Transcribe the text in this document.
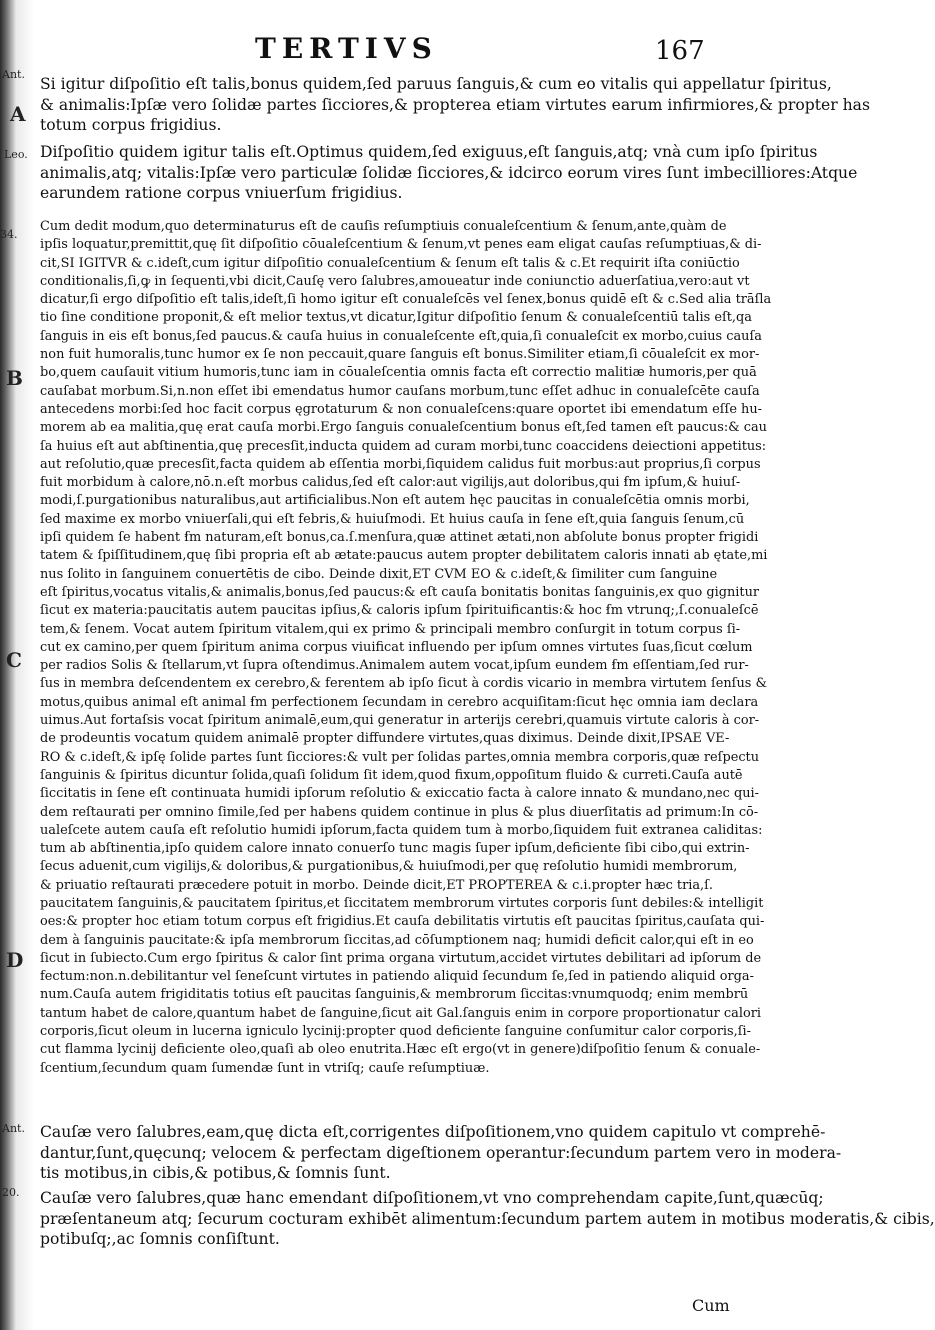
TERTIVS	167
Ant.
A
Leo.
34.
B
C
D
Ant.
20.
Si igitur diſpoſitio eſt talis,bonus quidem,ſed paruus ſanguis,& cum eo vitalis qui appellatur ſpiritus,
& animalis:Ipſæ vero ſolidæ partes ſicciores,& propterea etiam virtutes earum infirmiores,& propter has
totum corpus frigidius.
Diſpoſitio quidem igitur talis eſt.Optimus quidem,ſed exiguus,eſt ſanguis,atq; vnà cum ipſo ſpiritus
animalis,atq; vitalis:Ipſæ vero particulæ ſolidæ ſicciores,& idcirco eorum vires ſunt imbecilliores:Atque
earundem ratione corpus vniuerſum frigidius.
Cum dedit modum,quo determinaturus eſt de cauſis reſumptiuis conualeſcentium & ſenum,ante,quàm de
ipſis loquatur,premittit,quę ſit diſpoſitio cōualeſcentium & ſenum,vt penes eam eligat cauſas reſumptiuas,& di-
cit,SI IGITVR & c.ideſt,cum igitur diſpoſitio conualeſcentium & ſenum eſt talis & c.Et requirit iſta coniūctio
conditionalis,ſi,ꝙ in ſequenti,vbi dicit,Cauſę vero ſalubres,amoueatur inde coniunctio aduerſatiua,vero:aut vt
dicatur,ſi ergo diſpoſitio eſt talis,ideſt,ſi homo igitur eſt conualeſcēs vel ſenex,bonus quidē eſt & c.Sed alia trāſla
tio ſine conditione proponit,& eſt melior textus,vt dicatur,Igitur diſpoſitio ſenum & conualeſcentiū talis eſt,qa
ſanguis in eis eſt bonus,ſed paucus.& cauſa huius in conualeſcente eſt,quia,ſi conualeſcit ex morbo,cuius cauſa
non fuit humoralis,tunc humor ex ſe non peccauit,quare ſanguis eſt bonus.Similiter etiam,ſi cōualeſcit ex mor-
bo,quem cauſauit vitium humoris,tunc iam in cōualeſcentia omnis facta eſt correctio malitiæ humoris,per quā
cauſabat morbum.Si,n.non eſſet ibi emendatus humor cauſans morbum,tunc eſſet adhuc in conualeſcēte cauſa
antecedens morbi:ſed hoc facit corpus ęgrotaturum & non conualeſcens:quare oportet ibi emendatum eſſe hu-
morem ab ea malitia,quę erat cauſa morbi.Ergo ſanguis conualeſcentium bonus eſt,ſed tamen eſt paucus:& cau
ſa huius eſt aut abſtinentia,quę precesſit,inducta quidem ad curam morbi,tunc coaccidens deiectioni appetitus:
aut reſolutio,quæ precesſit,facta quidem ab eſſentia morbi,ſiquidem calidus fuit morbus:aut proprius,ſi corpus
fuit morbidum à calore,nō.n.eſt morbus calidus,ſed eſt calor:aut vigilijs,aut doloribus,qui ẜm ipſum,& huiuſ-
modi,ſ.purgationibus naturalibus,aut artificialibus.Non eſt autem hęc paucitas in conualeſcētia omnis morbi,
ſed maxime ex morbo vniuerſali,qui eſt febris,& huiuſmodi. Et huius cauſa in ſene eſt,quia ſanguis ſenum,cū
ipſi quidem ſe habent ẜm naturam,eſt bonus,ca.ſ.menſura,quæ attinet ætati,non abſolute bonus propter frigidi
tatem & ſpiſſitudinem,quę ſibi propria eſt ab ætate:paucus autem propter debilitatem caloris innati ab ętate,mi
nus ſolito in ſanguinem conuertētis de cibo. Deinde dixit,ET CVM EO & c.ideſt,& ſimiliter cum ſanguine
eſt ſpiritus,vocatus vitalis,& animalis,bonus,ſed paucus:& eſt cauſa bonitatis bonitas ſanguinis,ex quo gignitur
ſicut ex materia:paucitatis autem paucitas ipſius,& caloris ipſum ſpirituificantis:& hoc ẜm vtrunq;,ſ.conualeſcē
tem,& ſenem. Vocat autem ſpiritum vitalem,qui ex primo & principali membro conſurgit in totum corpus ſi-
cut ex camino,per quem ſpiritum anima corpus viuificat influendo per ipſum omnes virtutes ſuas,ſicut cœlum
per radios Solis & ſtellarum,vt ſupra oſtendimus.Animalem autem vocat,ipſum eundem ẜm eſſentiam,ſed rur-
ſus in membra deſcendentem ex cerebro,& ferentem ab ipſo ſicut à cordis vicario in membra virtutem ſenſus &
motus,quibus animal eſt animal ẜm perfectionem ſecundam in cerebro acquiſitam:ſicut hęc omnia iam declara
uimus.Aut fortaſsis vocat ſpiritum animalē,eum,qui generatur in arterijs cerebri,quamuis virtute caloris à cor-
de prodeuntis vocatum quidem animalē propter diffundere virtutes,quas diximus. Deinde dixit,IPSAE VE-
RO & c.ideſt,& ipſę ſolide partes ſunt ſicciores:& vult per ſolidas partes,omnia membra corporis,quæ reſpectu
ſanguinis & ſpiritus dicuntur ſolida,quaſi ſolidum ſit idem,quod fixum,oppoſitum fluido & curreti.Cauſa autē
ſiccitatis in ſene eſt continuata humidi ipſorum reſolutio & exiccatio facta à calore innato & mundano,nec qui-
dem reſtaurati per omnino ſimile,ſed per habens quidem continue in plus & plus diuerſitatis ad primum:In cō-
ualeſcete autem cauſa eſt reſolutio humidi ipſorum,facta quidem tum à morbo,ſiquidem fuit extranea caliditas:
tum ab abſtinentia,ipſo quidem calore innato conuerſo tunc magis ſuper ipſum,deficiente ſibi cibo,qui extrin-
ſecus aduenit,cum vigilijs,& doloribus,& purgationibus,& huiuſmodi,per quę reſolutio humidi membrorum,
& priuatio reſtaurati præcedere potuit in morbo. Deinde dicit,ET PROPTEREA & c.i.propter hæc tria,ſ.
paucitatem ſanguinis,& paucitatem ſpiritus,et ſiccitatem membrorum virtutes corporis ſunt debiles:& intelligit
oes:& propter hoc etiam totum corpus eſt frigidius.Et cauſa debilitatis virtutis eſt paucitas ſpiritus,cauſata qui-
dem à ſanguinis paucitate:& ipſa membrorum ſiccitas,ad cōſumptionem naq; humidi deficit calor,qui eſt in eo
ſicut in ſubiecto.Cum ergo ſpiritus & calor ſint prima organa virtutum,accidet virtutes debilitari ad ipſorum de
fectum:non.n.debilitantur vel ſeneſcunt virtutes in patiendo aliquid ſecundum ſe,ſed in patiendo aliquid orga-
num.Cauſa autem frigiditatis totius eſt paucitas ſanguinis,& membrorum ſiccitas:vnumquodq; enim membrū
tantum habet de calore,quantum habet de ſanguine,ſicut ait Gal.ſanguis enim in corpore proportionatur calori
corporis,ſicut oleum in lucerna igniculo lycinij:propter quod deficiente ſanguine conſumitur calor corporis,ſi-
cut flamma lycinij deficiente oleo,quaſi ab oleo enutrita.Hæc eſt ergo(vt in genere)diſpoſitio ſenum & conuale-
ſcentium,ſecundum quam ſumendæ ſunt in vtriſq; cauſe reſumptiuæ.
Cauſæ vero ſalubres,eam,quę dicta eſt,corrigentes diſpoſitionem,vno quidem capitulo vt comprehē-
dantur,ſunt,quęcunq; velocem & perfectam digeſtionem operantur:ſecundum partem vero in modera-
tis motibus,in cibis,& potibus,& ſomnis ſunt.
Cauſæ vero ſalubres,quæ hanc emendant diſpoſitionem,vt vno comprehendam capite,ſunt,quæcūq;
præſentaneum atq; ſecurum cocturam exhibēt alimentum:ſecundum partem autem in motibus moderatis,& cibis,
potibuſq;,ac ſomnis conſiſtunt.
Cum
